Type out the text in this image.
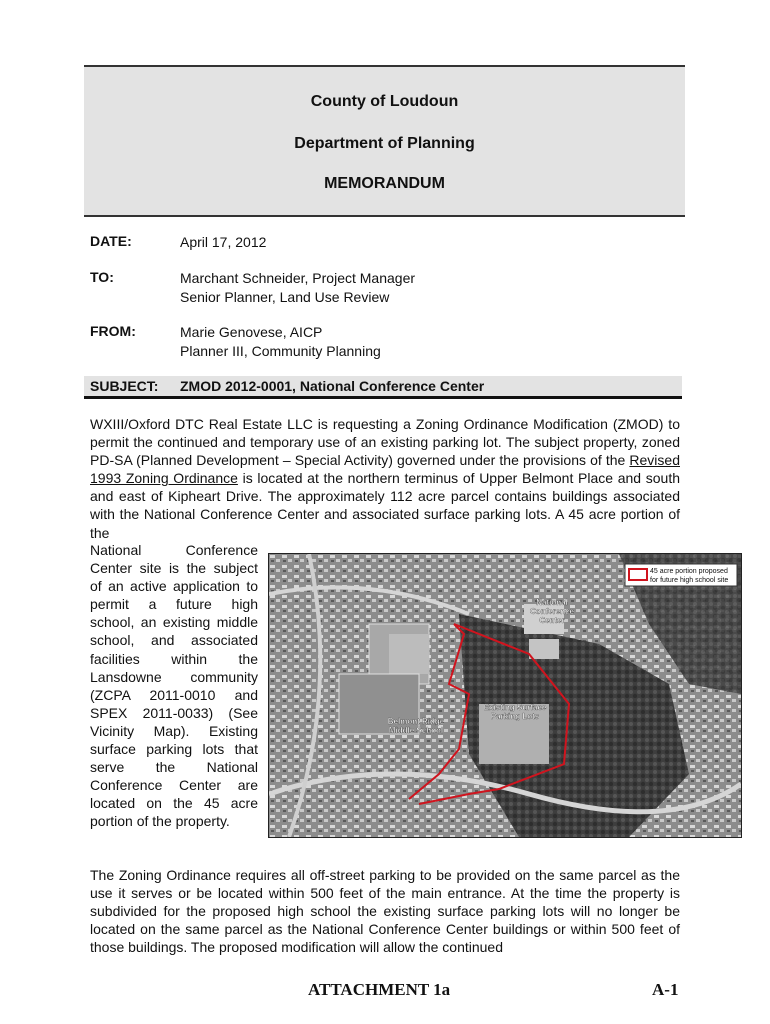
County of Loudoun
Department of Planning
MEMORANDUM
DATE:	April 17, 2012
TO:	Marchant Schneider, Project Manager
Senior Planner, Land Use Review
FROM:	Marie Genovese, AICP
Planner III, Community Planning
SUBJECT: ZMOD 2012-0001, National Conference Center
WXIII/Oxford DTC Real Estate LLC is requesting a Zoning Ordinance Modification (ZMOD) to permit the continued and temporary use of an existing parking lot. The subject property, zoned PD-SA (Planned Development – Special Activity) governed under the provisions of the Revised 1993 Zoning Ordinance is located at the northern terminus of Upper Belmont Place and south and east of Kipheart Drive. The approximately 112 acre parcel contains buildings associated with the National Conference Center and associated surface parking lots. A 45 acre portion of the
National Conference Center site is the subject of an active application to permit a future high school, an existing middle school, and associated facilities within the Lansdowne community (ZCPA 2011-0010 and SPEX 2011-0033) (See Vicinity Map). Existing surface parking lots that serve the National Conference Center are located on the 45 acre portion of the property.
45 acre portion proposed
for future high school site
National
Conference
Center
Existing Surface
Parking Lots
Belmont Ridge
Middle School
The Zoning Ordinance requires all off-street parking to be provided on the same parcel as the use it serves or be located within 500 feet of the main entrance. At the time the property is subdivided for the proposed high school the existing surface parking lots will no longer be located on the same parcel as the National Conference Center buildings or within 500 feet of those buildings. The proposed modification will allow the continued
ATTACHMENT 1a	A-1
